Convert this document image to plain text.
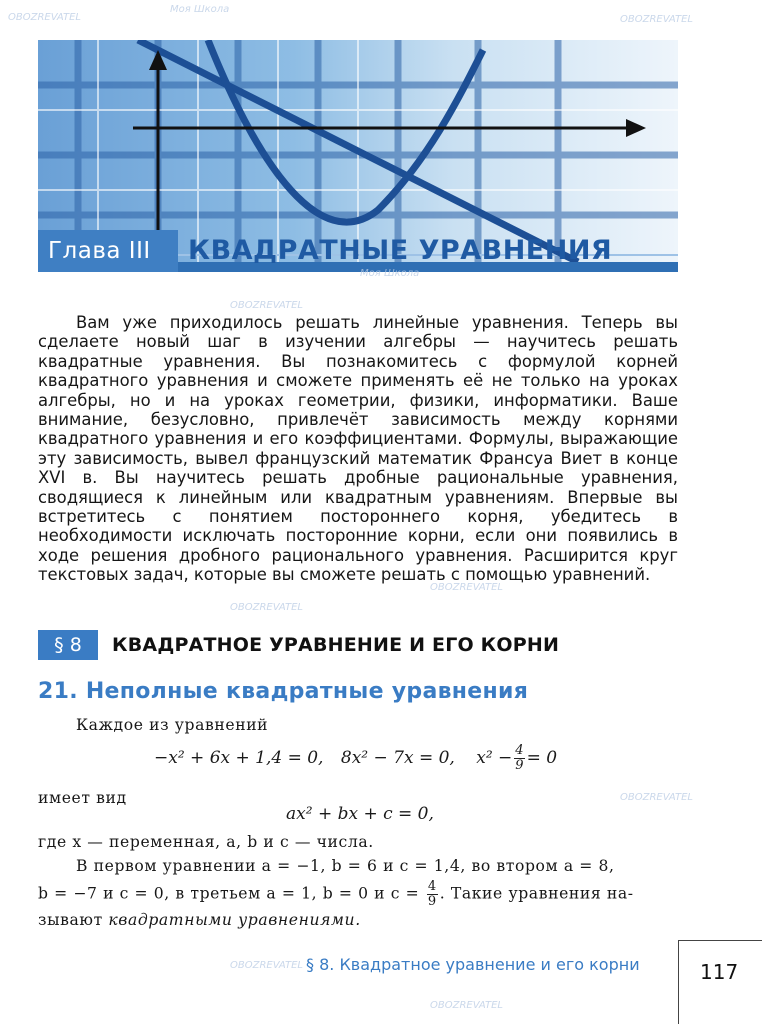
Глава III	КВАДРАТНЫЕ УРАВНЕНИЯ
Вам уже приходилось решать линейные уравнения. Теперь вы сделаете новый шаг в изучении алгебры — научитесь решать квадратные уравнения. Вы познакомитесь с формулой корней квадратного уравнения и сможете применять её не только на уроках алгебры, но и на уроках геометрии, физики, информатики. Ваше внимание, безусловно, привлечёт зависимость между корнями квадратного уравнения и его коэффициентами. Формулы, выражающие эту зависимость, вывел французский математик Франсуа Виет в конце XVI в. Вы научитесь решать дробные рациональные уравнения, сводящиеся к линейным или квадратным уравнениям. Впервые вы встретитесь с понятием постороннего корня, убедитесь в необходимости исключать посторонние корни, если они появились в ходе решения дробного рационального уравнения. Расширится круг текстовых задач, которые вы сможете решать с помощью уравнений.
§ 8	КВАДРАТНОЕ УРАВНЕНИЕ И ЕГО КОРНИ
21. Неполные квадратные уравнения
Каждое из уравнений
−x² + 6x + 1,4 = 0, 8x² − 7x = 0, $x^2 - \frac{4}{9} = 0$
имеет вид
ax² + bx + c = 0,
где x — переменная, a, b и c — числа.
В первом уравнении a = −1, b = 6 и c = 1,4, во втором a = 8,
b = −7 и c = 0, в третьем a = 1, b = 0 и $c = \frac{4}{9}$ . Такие уравнения на-
зывают квадратными уравнениями.
§ 8. Квадратное уравнение и его корни	117
OBOZREVATEL
Моя Школа
OBOZREVATEL
OBOZREVATEL
Моя Школа
OBOZREVATEL
OBOZREVATEL
OBOZREVATEL
OBOZREVATEL
OBOZREVATEL
